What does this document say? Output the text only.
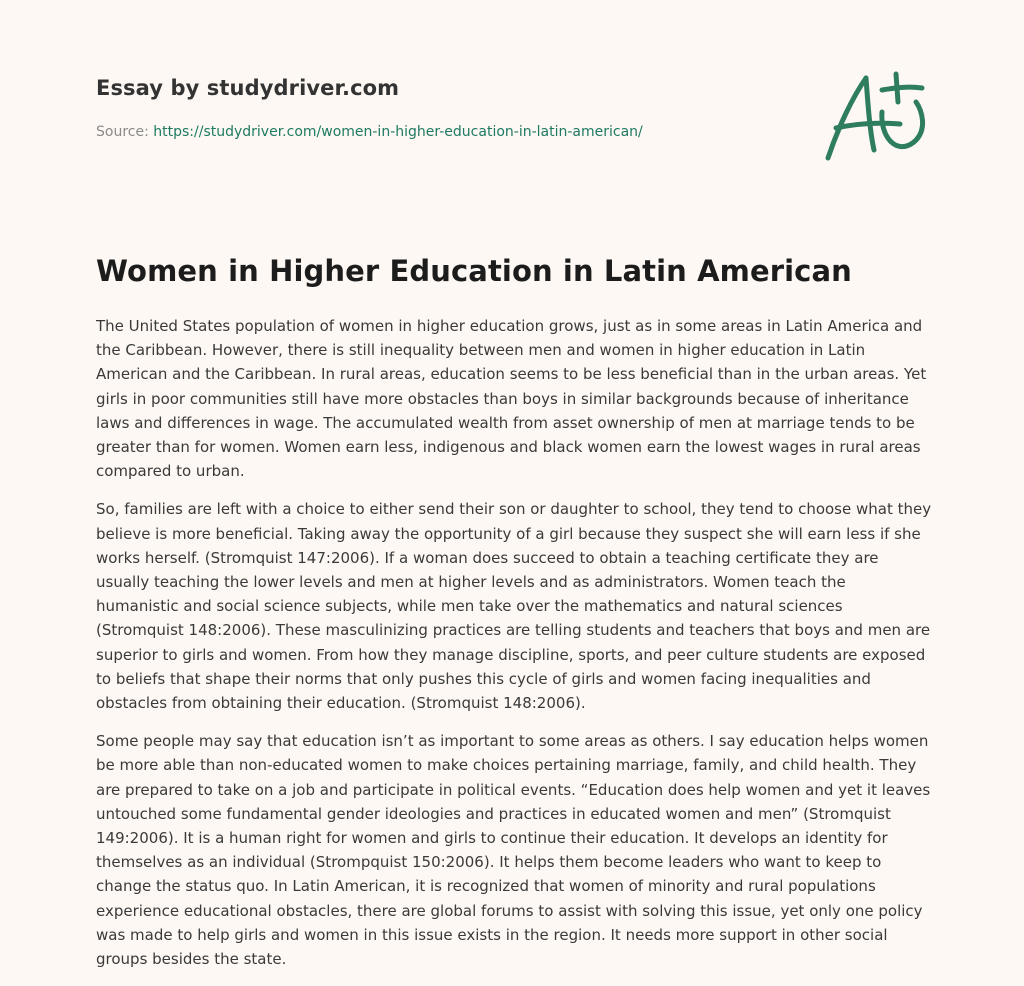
Essay by studydriver.com
Source: https://studydriver.com/women-in-higher-education-in-latin-american/
Women in Higher Education in Latin American

The United States population of women in higher education grows, just as in some areas in Latin America and the Caribbean. However, there is still inequality between men and women in higher education in Latin American and the Caribbean. In rural areas, education seems to be less beneficial than in the urban areas. Yet girls in poor communities still have more obstacles than boys in similar backgrounds because of inheritance laws and differences in wage. The accumulated wealth from asset ownership of men at marriage tends to be greater than for women. Women earn less, indigenous and black women earn the lowest wages in rural areas compared to urban.

So, families are left with a choice to either send their son or daughter to school, they tend to choose what they believe is more beneficial. Taking away the opportunity of a girl because they suspect she will earn less if she works herself. (Stromquist 147:2006). If a woman does succeed to obtain a teaching certificate they are usually teaching the lower levels and men at higher levels and as administrators. Women teach the humanistic and social science subjects, while men take over the mathematics and natural sciences (Stromquist 148:2006). These masculinizing practices are telling students and teachers that boys and men are superior to girls and women. From how they manage discipline, sports, and peer culture students are exposed to beliefs that shape their norms that only pushes this cycle of girls and women facing inequalities and obstacles from obtaining their education. (Stromquist 148:2006).

Some people may say that education isn’t as important to some areas as others. I say education helps women be more able than non-educated women to make choices pertaining marriage, family, and child health. They are prepared to take on a job and participate in political events. “Education does help women and yet it leaves untouched some fundamental gender ideologies and practices in educated women and men” (Stromquist 149:2006). It is a human right for women and girls to continue their education. It develops an identity for themselves as an individual (Strompquist 150:2006). It helps them become leaders who want to keep to change the status quo. In Latin American, it is recognized that women of minority and rural populations experience educational obstacles, there are global forums to assist with solving this issue, yet only one policy was made to help girls and women in this issue exists in the region. It needs more support in other social groups besides the state.
